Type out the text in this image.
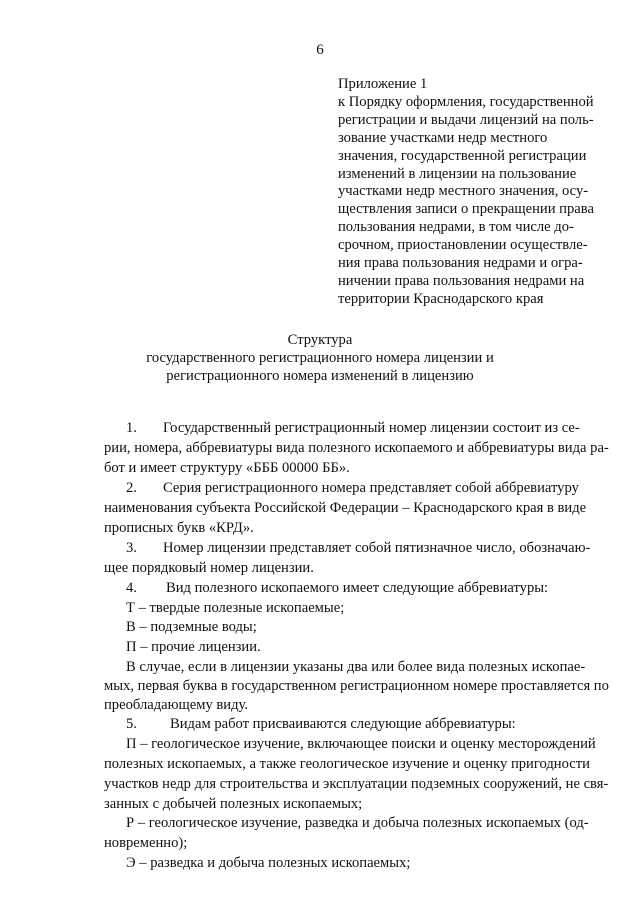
6
Приложение 1
к Порядку оформления, государственной
регистрации и выдачи лицензий на поль-
зование участками недр местного
значения, государственной регистрации
изменений в лицензии на пользование
участками недр местного значения, осу-
ществления записи о прекращении права
пользования недрами, в том числе до-
срочном, приостановлении осуществле-
ния права пользования недрами и огра-
ничении права пользования недрами на
территории Краснодарского края
Структура
государственного регистрационного номера лицензии и
регистрационного номера изменений в лицензию
1. Государственный регистрационный номер лицензии состоит из се-
рии, номера, аббревиатуры вида полезного ископаемого и аббревиатуры вида ра-
бот и имеет структуру «БББ 00000 ББ».
2. Серия регистрационного номера представляет собой аббревиатуру
наименования субъекта Российской Федерации – Краснодарского края в виде
прописных букв «КРД».
3. Номер лицензии представляет собой пятизначное число, обозначаю-
щее порядковый номер лицензии.
4. Вид полезного ископаемого имеет следующие аббревиатуры:
Т – твердые полезные ископаемые;
В – подземные воды;
П – прочие лицензии.
В случае, если в лицензии указаны два или более вида полезных ископае-
мых, первая буква в государственном регистрационном номере проставляется по
преобладающему виду.
5. Видам работ присваиваются следующие аббревиатуры:
П – геологическое изучение, включающее поиски и оценку месторождений
полезных ископаемых, а также геологическое изучение и оценку пригодности
участков недр для строительства и эксплуатации подземных сооружений, не свя-
занных с добычей полезных ископаемых;
Р – геологическое изучение, разведка и добыча полезных ископаемых (од-
новременно);
Э – разведка и добыча полезных ископаемых;
